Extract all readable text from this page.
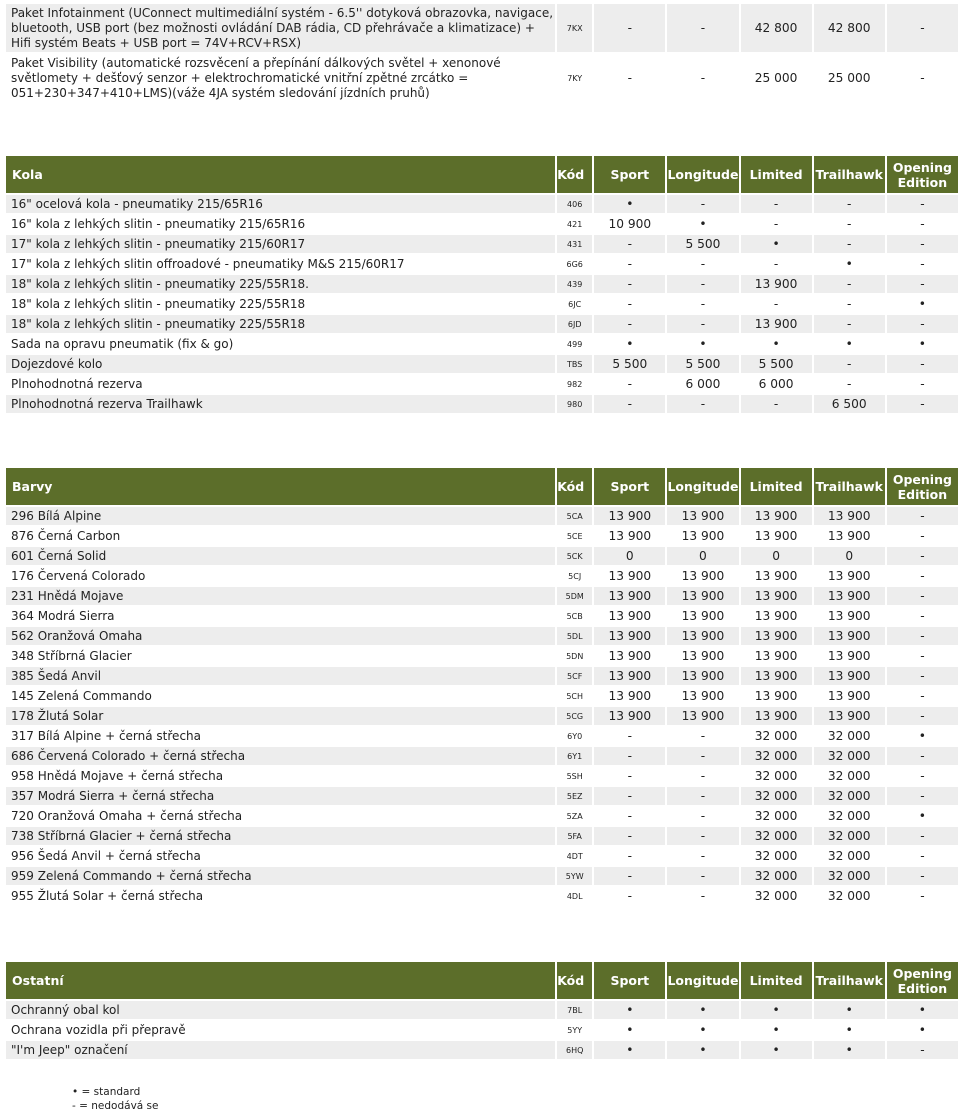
Paket Infotainment (UConnect multimediální systém - 6.5'' dotyková obrazovka, navigace, bluetooth, USB port (bez možnosti ovládání DAB rádia, CD přehrávače a klimatizace) + Hifi systém Beats + USB port = 74V+RCV+RSX)	7KX	-	-	42 800	42 800	-
Paket Visibility (automatické rozsvěcení a přepínání dálkových světel + xenonové světlomety + dešťový senzor + elektrochromatické vnitřní zpětné zrcátko = 051+230+347+410+LMS)(váže 4JA systém sledování jízdních pruhů)	7KY	-	-	25 000	25 000	-
Kola	Kód	Sport	Longitude	Limited	Trailhawk	Opening Edition
16" ocelová kola - pneumatiky 215/65R16	406	•	-	-	-	-
16" kola z lehkých slitin - pneumatiky 215/65R16	421	10 900	•	-	-	-
17" kola z lehkých slitin - pneumatiky 215/60R17	431	-	5 500	•	-	-
17" kola z lehkých slitin offroadové - pneumatiky M&S 215/60R17	6G6	-	-	-	•	-
18" kola z lehkých slitin - pneumatiky 225/55R18.	439	-	-	13 900	-	-
18" kola z lehkých slitin - pneumatiky 225/55R18	6JC	-	-	-	-	•
18" kola z lehkých slitin - pneumatiky 225/55R18	6JD	-	-	13 900	-	-
Sada na opravu pneumatik (fix & go)	499	•	•	•	•	•
Dojezdové kolo	TBS	5 500	5 500	5 500	-	-
Plnohodnotná rezerva	982	-	6 000	6 000	-	-
Plnohodnotná rezerva Trailhawk	980	-	-	-	6 500	-
Barvy	Kód	Sport	Longitude	Limited	Trailhawk	Opening Edition
296 Bílá Alpine	5CA	13 900	13 900	13 900	13 900	-
876 Černá Carbon	5CE	13 900	13 900	13 900	13 900	-
601 Černá Solid	5CK	0	0	0	0	-
176 Červená Colorado	5CJ	13 900	13 900	13 900	13 900	-
231 Hnědá Mojave	5DM	13 900	13 900	13 900	13 900	-
364 Modrá Sierra	5CB	13 900	13 900	13 900	13 900	-
562 Oranžová Omaha	5DL	13 900	13 900	13 900	13 900	-
348 Stříbrná Glacier	5DN	13 900	13 900	13 900	13 900	-
385 Šedá Anvil	5CF	13 900	13 900	13 900	13 900	-
145 Zelená Commando	5CH	13 900	13 900	13 900	13 900	-
178 Žlutá Solar	5CG	13 900	13 900	13 900	13 900	-
317 Bílá Alpine + černá střecha	6Y0	-	-	32 000	32 000	•
686 Červená Colorado + černá střecha	6Y1	-	-	32 000	32 000	-
958 Hnědá Mojave + černá střecha	5SH	-	-	32 000	32 000	-
357 Modrá Sierra + černá střecha	5EZ	-	-	32 000	32 000	-
720 Oranžová Omaha + černá střecha	5ZA	-	-	32 000	32 000	•
738 Stříbrná Glacier + černá střecha	5FA	-	-	32 000	32 000	-
956 Šedá Anvil + černá střecha	4DT	-	-	32 000	32 000	-
959 Zelená Commando + černá střecha	5YW	-	-	32 000	32 000	-
955 Žlutá Solar + černá střecha	4DL	-	-	32 000	32 000	-
Ostatní	Kód	Sport	Longitude	Limited	Trailhawk	Opening Edition
Ochranný obal kol	7BL	•	•	•	•	•
Ochrana vozidla při přepravě	5YY	•	•	•	•	•
"I'm Jeep" označení	6HQ	•	•	•	•	-
• = standard
- = nedodává se
